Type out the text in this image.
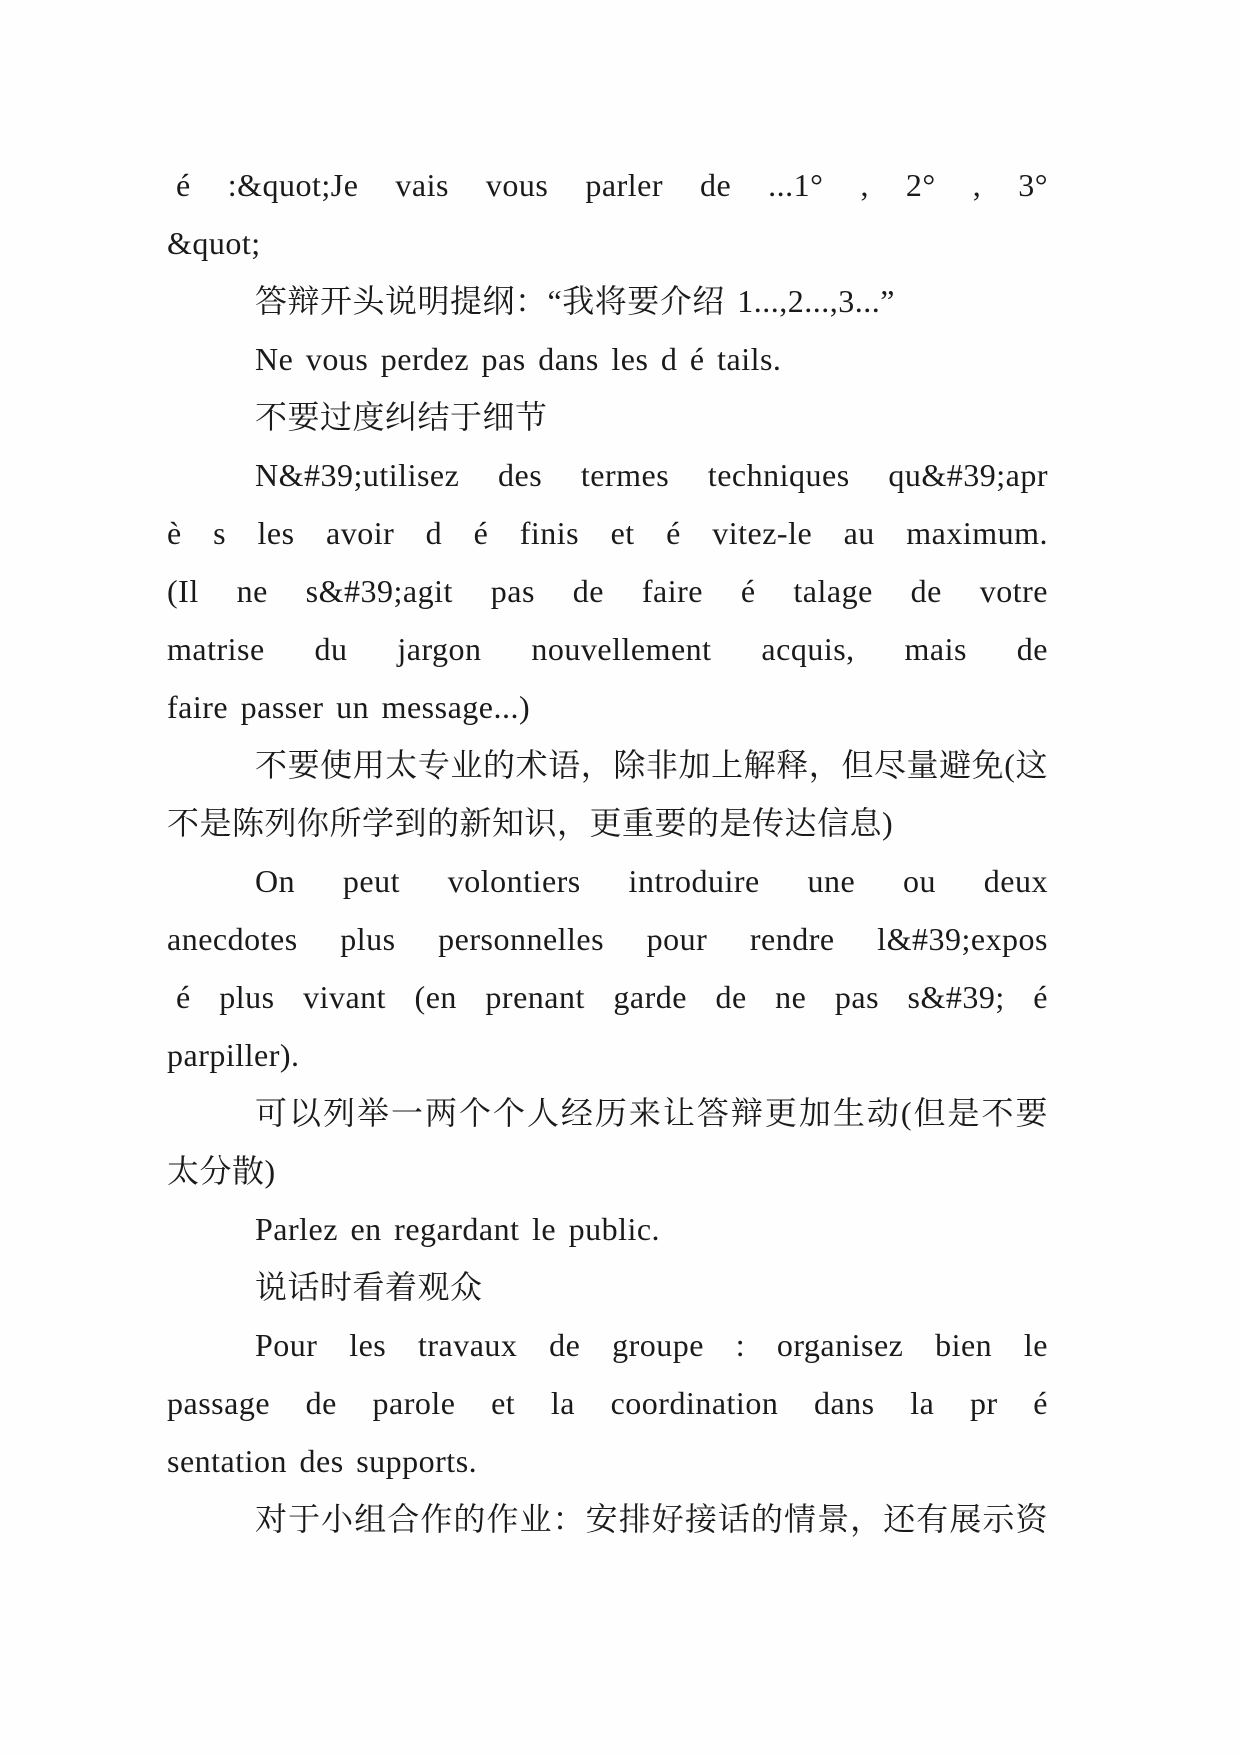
é :&quot;Je vais vous parler de ...1° , 2° , 3°
&quot;
答辩开头说明提纲：“我将要介绍 1...,2...,3...”
Ne vous perdez pas dans les d é tails.
不要过度纠结于细节
N&#39;utilisez des termes techniques qu&#39;apr
è s les avoir d é finis et é vitez-le au maximum.
(Il ne s&#39;agit pas de faire é talage de votre
matrise du jargon nouvellement acquis, mais de
faire passer un message...)
不要使用太专业的术语，除非加上解释，但尽量避免(这
不是陈列你所学到的新知识，更重要的是传达信息)
On peut volontiers introduire une ou deux
anecdotes plus personnelles pour rendre l&#39;expos
é plus vivant (en prenant garde de ne pas s&#39; é
parpiller).
可以列举一两个个人经历来让答辩更加生动(但是不要
太分散)
Parlez en regardant le public.
说话时看着观众
Pour les travaux de groupe : organisez bien le
passage de parole et la coordination dans la pr é
sentation des supports.
对于小组合作的作业：安排好接话的情景，还有展示资
